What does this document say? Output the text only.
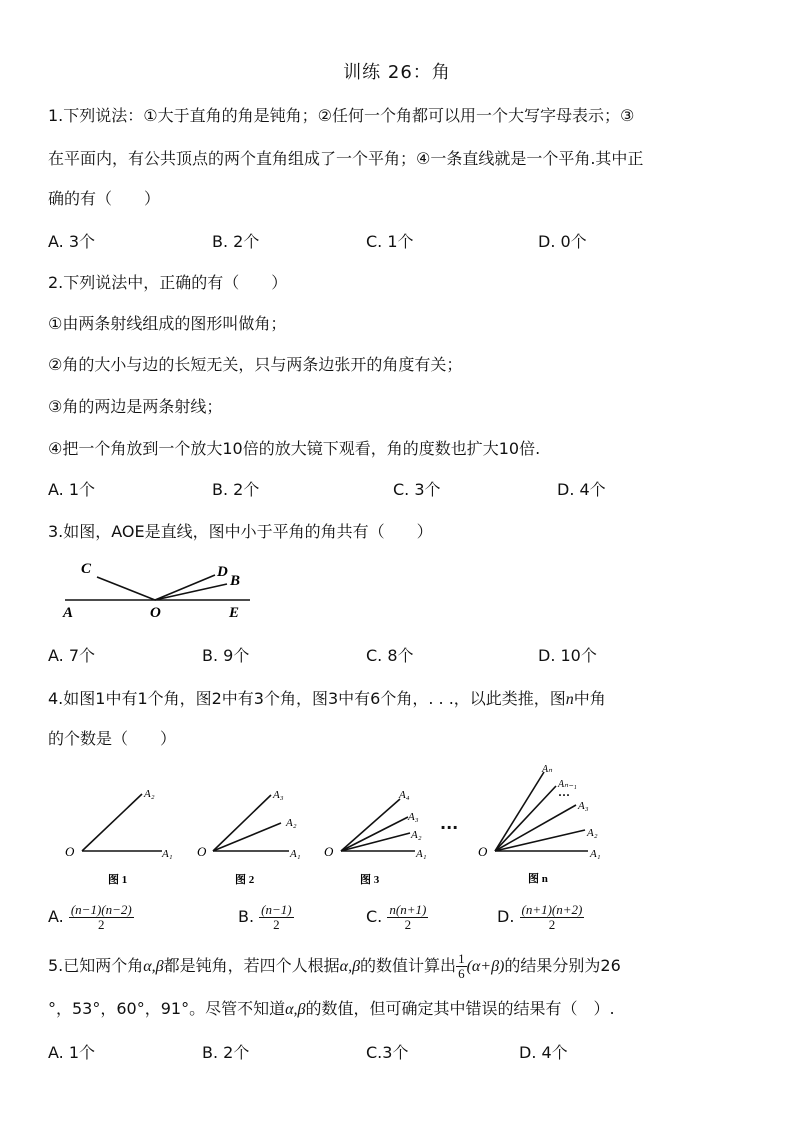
训练 26：角
1.下列说法：①大于直角的角是钝角；②任何一个角都可以用一个大写字母表示；③
在平面内，有公共顶点的两个直角组成了一个平角；④一条直线就是一个平角.其中正
确的有（　　）
A. 3个	B. 2个	C. 1个	D. 0个
2.下列说法中，正确的有（　　）
①由两条射线组成的图形叫做角；
②角的大小与边的长短无关，只与两条边张开的角度有关；
③角的两边是两条射线；
④把一个角放到一个放大10倍的放大镜下观看，角的度数也扩大10倍.
A. 1个	B. 2个	C. 3个	D. 4个
3.如图，AOE是直线，图中小于平角的角共有（　　）
C	D
B
A	O	E
A. 7个	B. 9个	C. 8个	D. 10个
4.如图1中有1个角，图2中有3个角，图3中有6个角，. . .，以此类推，图n中角
的个数是（　　）
O	A₁
A₂
图 1
O	A₁
A₂
A₃
图 2
O	A₁
A₂
A₃
A₄
图 3
···
O	A₁
A₂
A₃
···
Aₙ₋₁
Aₙ
图 n
A. $\frac{(n-1)(n-2)}{2}$	B. $\frac{(n-1)}{2}$	C. $\frac{n(n+1)}{2}$	D. $\frac{(n+1)(n+2)}{2}$
5.已知两个角α,β都是钝角，若四个人根据α,β的数值计算出 $\frac{1}{6} (\alpha+\beta)$的结果分别为26
°，53°，60°，91°。尽管不知道α,β的数值，但可确定其中错误的结果有（　）.
A. 1个	B. 2个	C.3个	D. 4个
